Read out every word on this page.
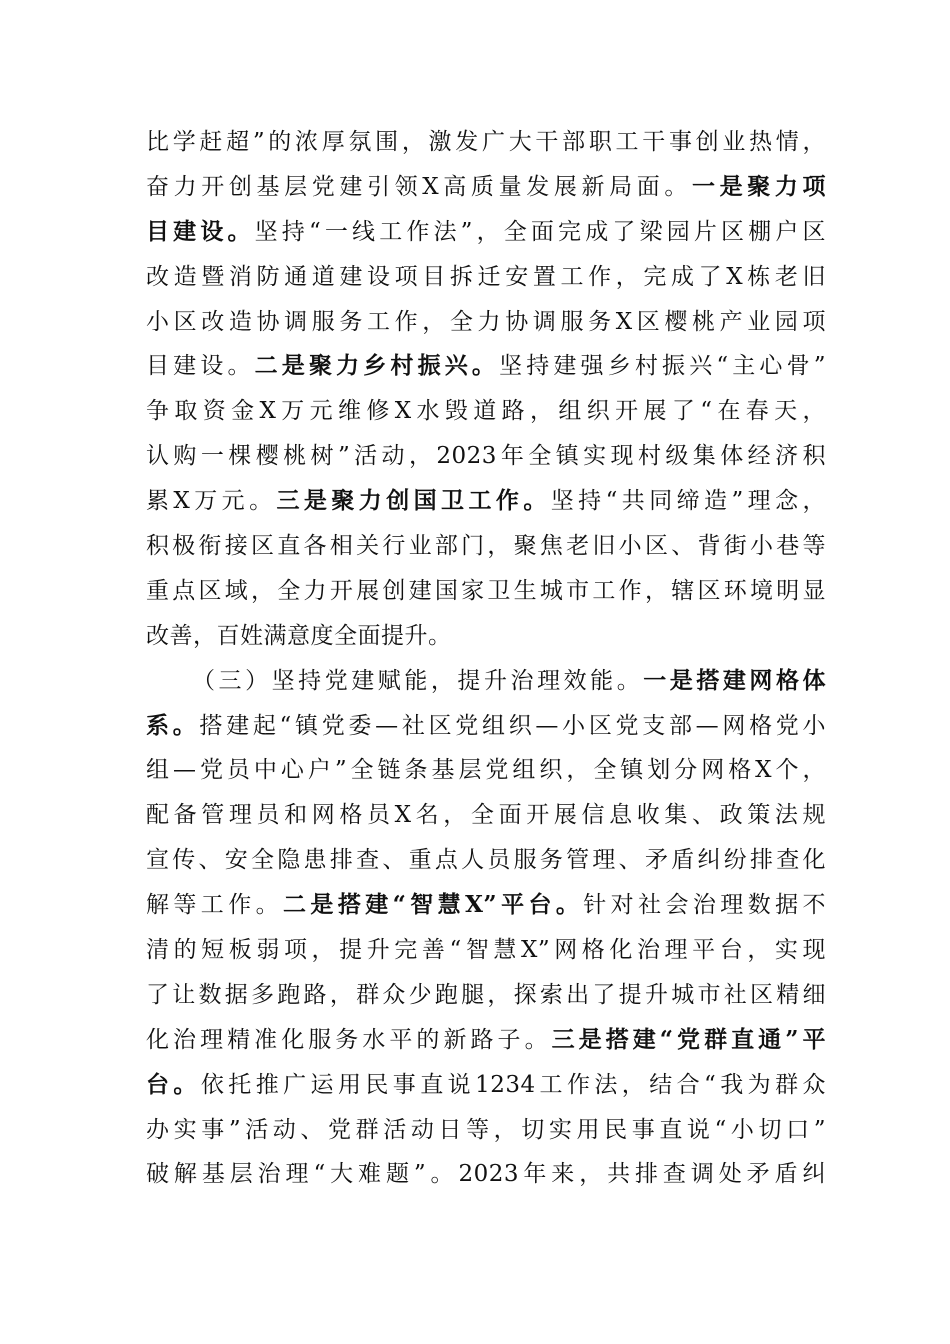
比学赶超”的浓厚氛围，激发广大干部职工干事创业热情，
奋力开创基层党建引领X高质量发展新局面。一是聚力项
目建设。坚持“一线工作法”，全面完成了梁园片区棚户区
改造暨消防通道建设项目拆迁安置工作，完成了X栋老旧
小区改造协调服务工作，全力协调服务X区樱桃产业园项
目建设。二是聚力乡村振兴。坚持建强乡村振兴“主心骨”
争取资金X万元维修X水毁道路，组织开展了“在春天，
认购一棵樱桃树”活动，2023年全镇实现村级集体经济积
累X万元。三是聚力创国卫工作。坚持“共同缔造”理念，
积极衔接区直各相关行业部门，聚焦老旧小区、背街小巷等
重点区域，全力开展创建国家卫生城市工作，辖区环境明显
改善，百姓满意度全面提升。
（三）坚持党建赋能，提升治理效能。一是搭建网格体
系。搭建起“镇党委—社区党组织—小区党支部—网格党小
组—党员中心户”全链条基层党组织，全镇划分网格X个，
配备管理员和网格员X名，全面开展信息收集、政策法规
宣传、安全隐患排查、重点人员服务管理、矛盾纠纷排查化
解等工作。二是搭建“智慧X”平台。针对社会治理数据不
清的短板弱项，提升完善“智慧X”网格化治理平台，实现
了让数据多跑路，群众少跑腿，探索出了提升城市社区精细
化治理精准化服务水平的新路子。三是搭建“党群直通”平
台。依托推广运用民事直说1234工作法，结合“我为群众
办实事”活动、党群活动日等，切实用民事直说“小切口”
破解基层治理“大难题”。2023年来，共排查调处矛盾纠
